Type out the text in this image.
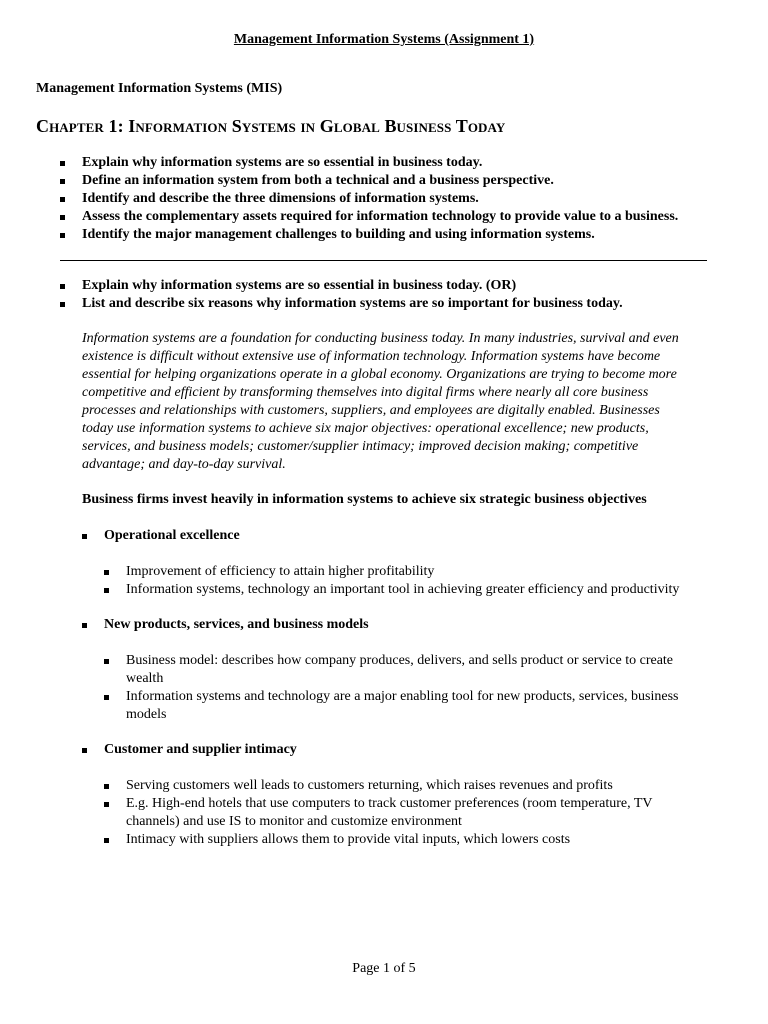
Management Information Systems (Assignment 1)
Management Information Systems (MIS)
Chapter 1: Information Systems in Global Business Today
Explain why information systems are so essential in business today.
Define an information system from both a technical and a business perspective.
Identify and describe the three dimensions of information systems.
Assess the complementary assets required for information technology to provide value to a business.
Identify the major management challenges to building and using information systems.
Explain why information systems are so essential in business today. (OR)
List and describe six reasons why information systems are so important for business today.

Information systems are a foundation for conducting business today. In many industries, survival and even
existence is difficult without extensive use of information technology. Information systems have become
essential for helping organizations operate in a global economy. Organizations are trying to become more
competitive and efficient by transforming themselves into digital firms where nearly all core business
processes and relationships with customers, suppliers, and employees are digitally enabled. Businesses
today use information systems to achieve six major objectives: operational excellence; new products,
services, and business models; customer/supplier intimacy; improved decision making; competitive
advantage; and day-to-day survival.

Business firms invest heavily in information systems to achieve six strategic business objectives
Operational excellence
Improvement of efficiency to attain higher profitability
Information systems, technology an important tool in achieving greater efficiency and productivity
New products, services, and business models
Business model: describes how company produces, delivers, and sells product or service to create wealth
Information systems and technology are a major enabling tool for new products, services, business models
Customer and supplier intimacy
Serving customers well leads to customers returning, which raises revenues and profits
E.g. High-end hotels that use computers to track customer preferences (room temperature, TV channels) and use IS to monitor and customize environment
Intimacy with suppliers allows them to provide vital inputs, which lowers costs
Page 1 of 5
